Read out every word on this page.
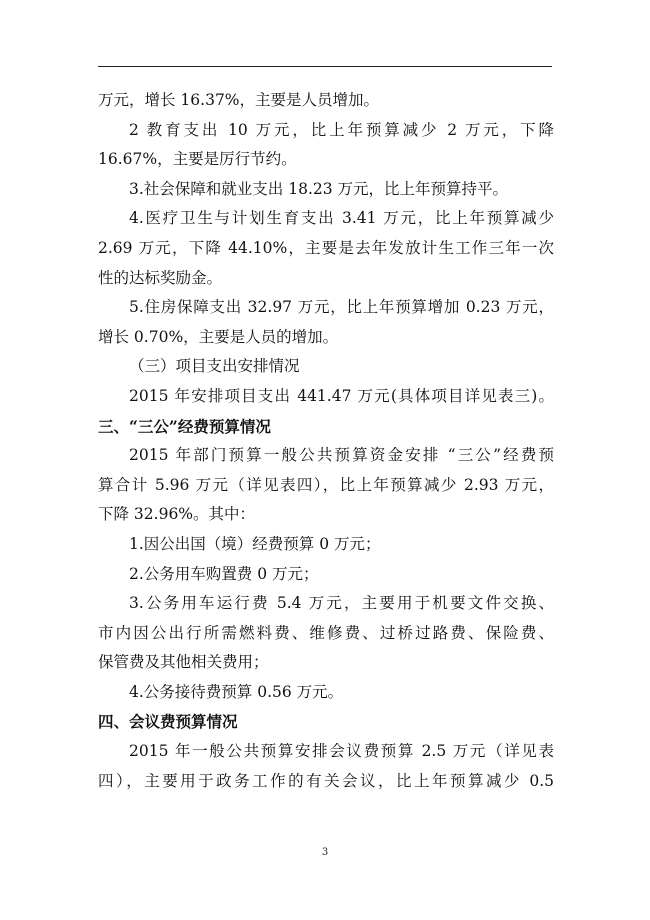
万元，增长 16.37%，主要是人员增加。
2 教育支出 10 万元，比上年预算减少 2 万元，下降
16.67%，主要是厉行节约。
3.社会保障和就业支出 18.23 万元，比上年预算持平。
4.医疗卫生与计划生育支出 3.41 万元，比上年预算减少
2.69 万元，下降 44.10%，主要是去年发放计生工作三年一次
性的达标奖励金。
5.住房保障支出 32.97 万元，比上年预算增加 0.23 万元，
增长 0.70%，主要是人员的增加。
（三）项目支出安排情况
2015 年安排项目支出 441.47 万元(具体项目详见表三)。
三、“三公”经费预算情况
2015 年部门预算一般公共预算资金安排 “三公”经费预
算合计 5.96 万元（详见表四），比上年预算减少 2.93 万元，
下降 32.96%。其中：
1.因公出国（境）经费预算 0 万元；
2.公务用车购置费 0 万元；
3.公务用车运行费 5.4 万元，主要用于机要文件交换、
市内因公出行所需燃料费、维修费、过桥过路费、保险费、
保管费及其他相关费用；
4.公务接待费预算 0.56 万元。
四、会议费预算情况
2015 年一般公共预算安排会议费预算 2.5 万元（详见表
四），主要用于政务工作的有关会议，比上年预算减少 0.5
3
